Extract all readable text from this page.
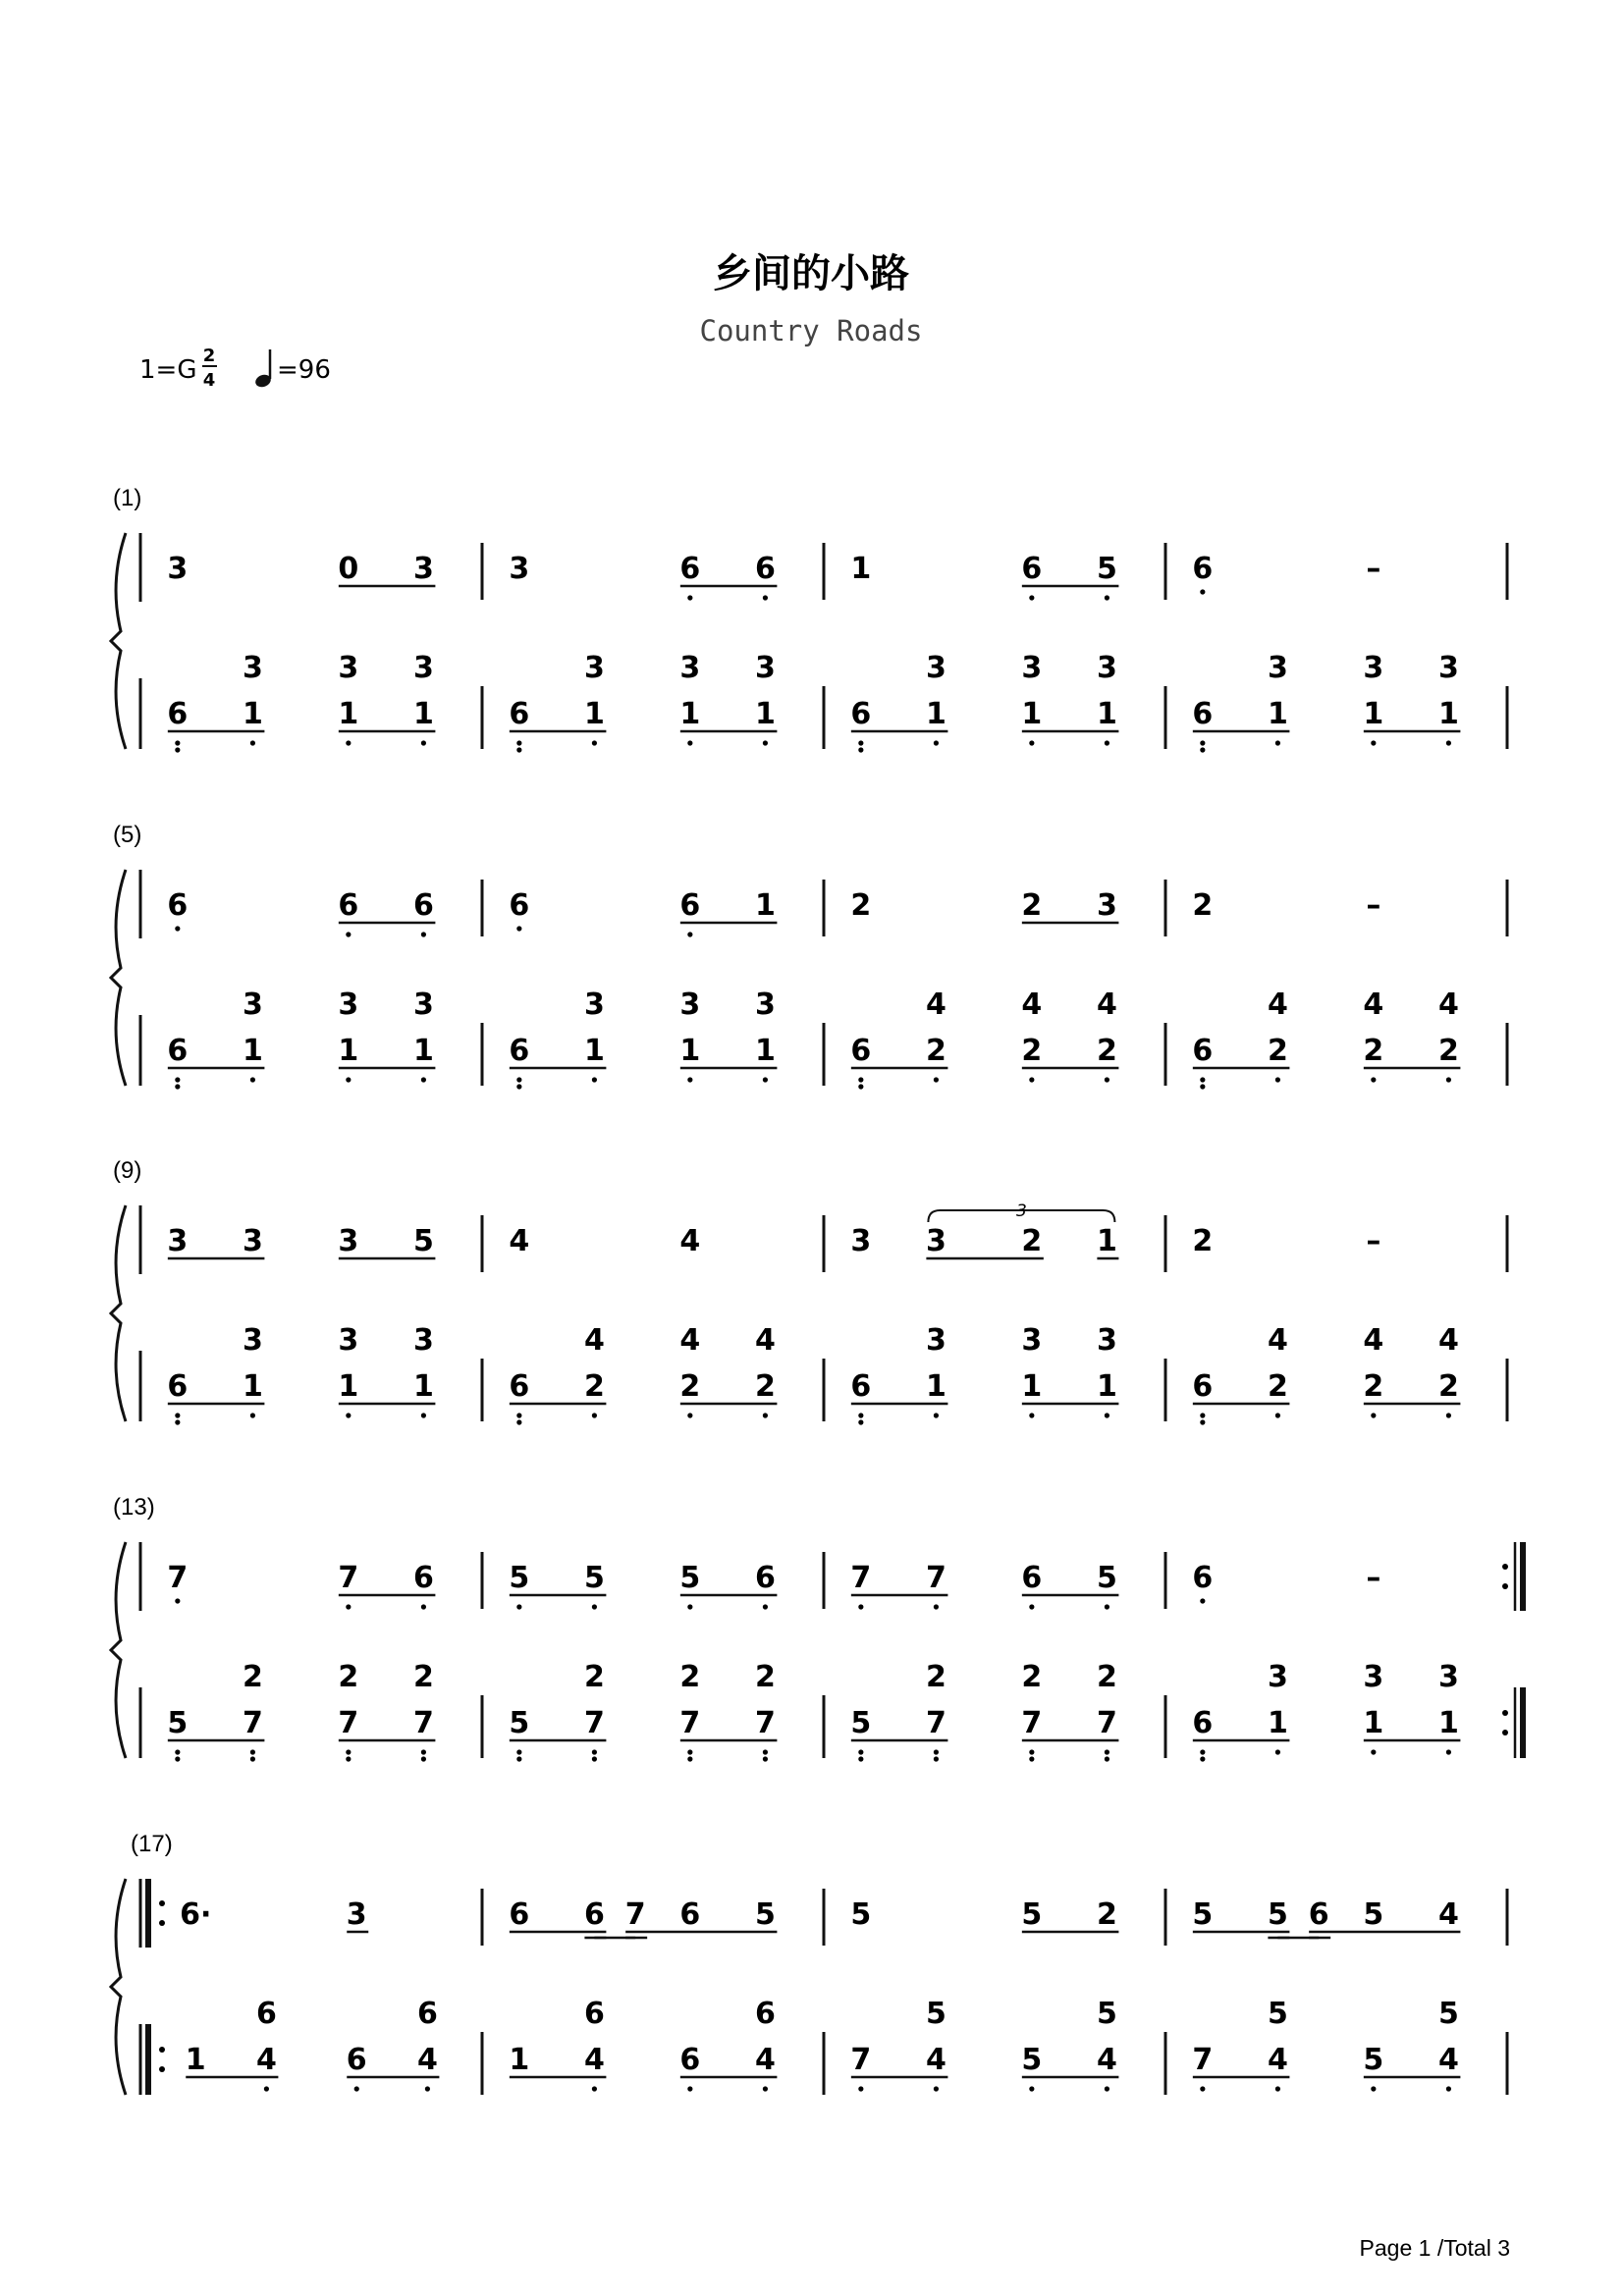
乡间的小路
Country Roads
1=G 2
4 =96
(1)
3	0 3
6 1
3
1
3
1
3
3	6 6
6 1
3
1
3
1
3
1	6 5
6 1
3
1
3
1
3
6	–
6 1
3
1
3
1
3
(5)
6	6 6
6 1
3
1
3
1
3
6	6 1
6 1
3
1
3
1
3
2	2 3
6 2
4
2
4
2
4
2	–
6 2
4
2
4
2
4
(9)
3 3	3 5
6 1
3
1
3
1
3
4	4
6 2
4
2
4
2
4
3 3	2 1
6 1
3
1
3
1
3
3
2	–
6 2
4
2
4
2
4
(13)
7	7 6
5 7
2
7
2
7
2
5 5	5 6
5 7
2
7
2
7
2
7 7	6 5
5 7
2
7
2
7
2
6	–
6 1
3
1
3
1
3
(17)
6·	3
1 4
6
6 4
6
6 6 7 6 5
1 4
6
6 4
6
5	5 2
7 4
5
5 4
5
5 5 6 5 4
7 4
5
5 4
5
Page 1 /Total 3
